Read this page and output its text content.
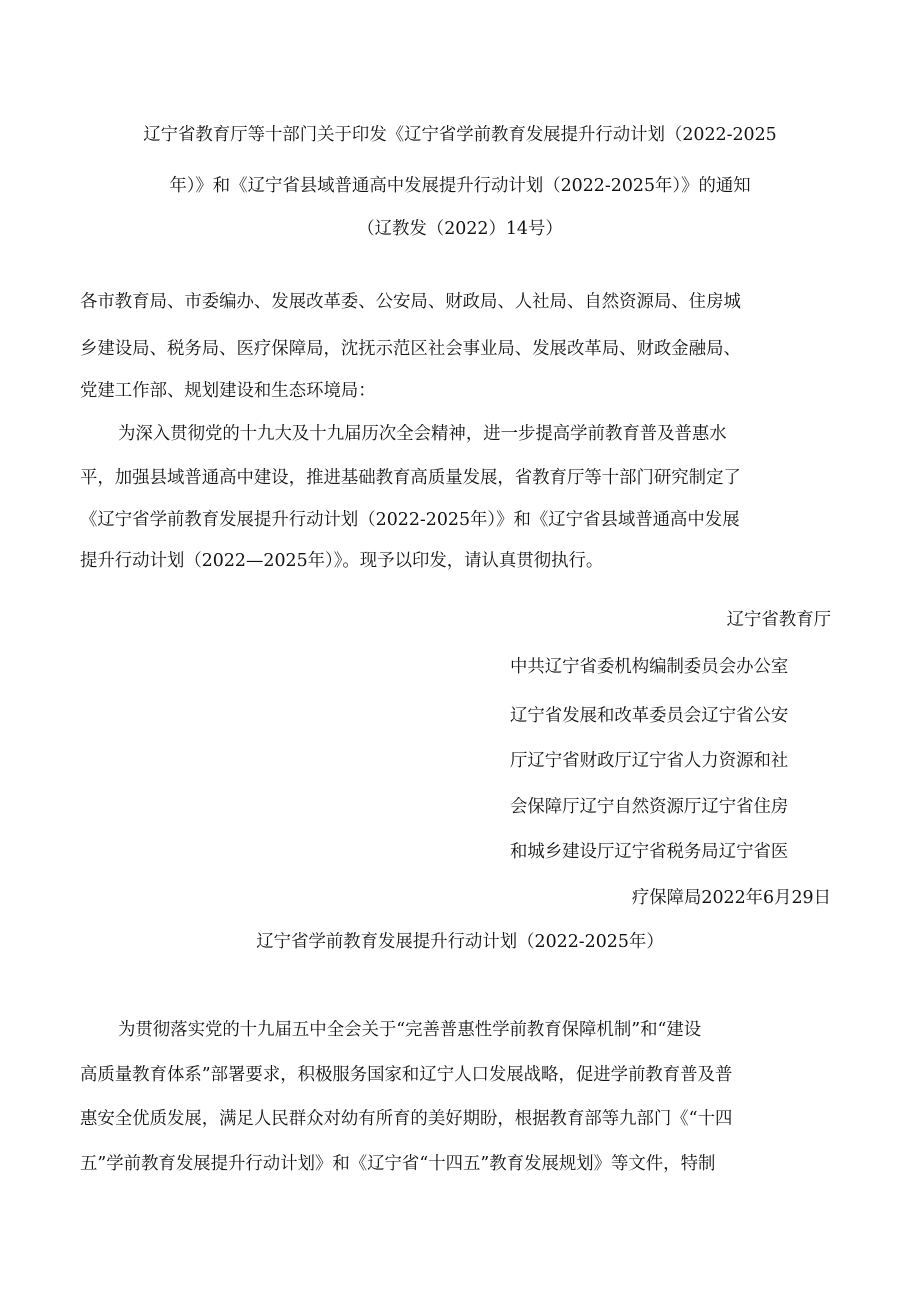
辽宁省教育厅等十部门关于印发《辽宁省学前教育发展提升行动计划（2022-2025
年）》和《辽宁省县域普通高中发展提升行动计划（2022-2025年）》的通知
（辽教发（2022）14号）
各市教育局、市委编办、发展改革委、公安局、财政局、人社局、自然资源局、住房城
乡建设局、税务局、医疗保障局，沈抚示范区社会事业局、发展改革局、财政金融局、
党建工作部、规划建设和生态环境局：
为深入贯彻党的十九大及十九届历次全会精神，进一步提高学前教育普及普惠水
平，加强县域普通高中建设，推进基础教育高质量发展，省教育厅等十部门研究制定了
《辽宁省学前教育发展提升行动计划（2022-2025年）》和《辽宁省县域普通高中发展
提升行动计划（2022—2025年）》。现予以印发，请认真贯彻执行。
辽宁省教育厅
中共辽宁省委机构编制委员会办公室
辽宁省发展和改革委员会辽宁省公安
厅辽宁省财政厅辽宁省人力资源和社
会保障厅辽宁自然资源厅辽宁省住房
和城乡建设厅辽宁省税务局辽宁省医
疗保障局2022年6月29日
辽宁省学前教育发展提升行动计划（2022-2025年）
为贯彻落实党的十九届五中全会关于“完善普惠性学前教育保障机制”和“建设
高质量教育体系”部署要求，积极服务国家和辽宁人口发展战略，促进学前教育普及普
惠安全优质发展，满足人民群众对幼有所育的美好期盼，根据教育部等九部门《“十四
五”学前教育发展提升行动计划》和《辽宁省“十四五”教育发展规划》等文件，特制
